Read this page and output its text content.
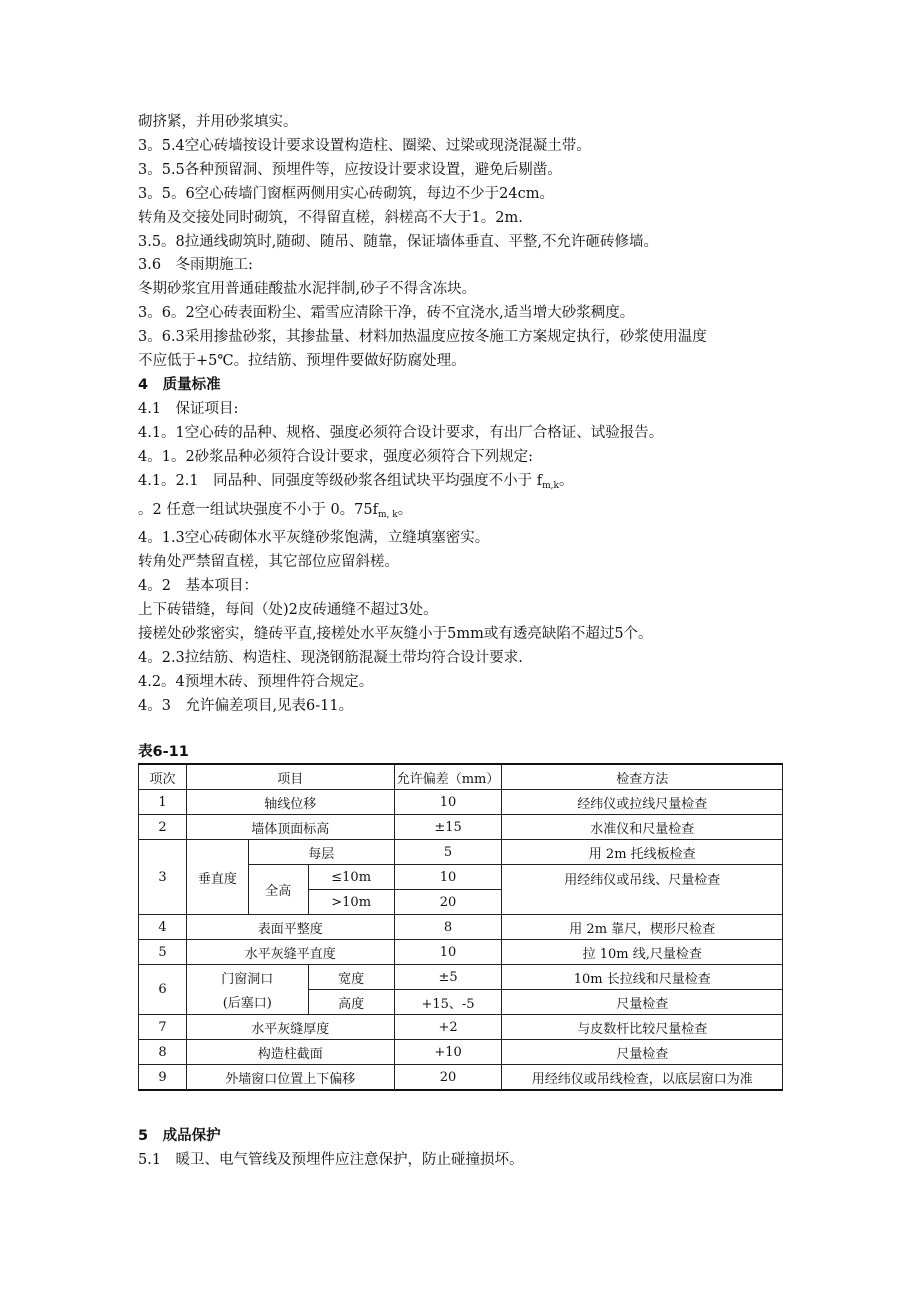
砌挤紧，并用砂浆填实。
3。5.4空心砖墙按设计要求设置构造柱、圈梁、过梁或现浇混凝土带。
3。5.5各种预留洞、预埋件等，应按设计要求设置，避免后剔凿。
3。5。6空心砖墙门窗框两侧用实心砖砌筑，每边不少于24cm。
转角及交接处同时砌筑，不得留直槎，斜槎高不大于1。2m.
3.5。8拉通线砌筑时,随砌、随吊、随靠，保证墙体垂直、平整,不允许砸砖修墙。
3.6　冬雨期施工:
冬期砂浆宜用普通硅酸盐水泥拌制,砂子不得含冻块。
3。6。2空心砖表面粉尘、霜雪应清除干净，砖不宜浇水,适当增大砂浆稠度。
3。6.3采用掺盐砂浆，其掺盐量、材料加热温度应按冬施工方案规定执行，砂浆使用温度
不应低于+5℃。拉结筋、预埋件要做好防腐处理。
4　质量标准
4.1　保证项目:
4.1。1空心砖的品种、规格、强度必须符合设计要求，有出厂合格证、试验报告。
4。1。2砂浆品种必须符合设计要求，强度必须符合下列规定:
4.1。2.1　同品种、同强度等级砂浆各组试块平均强度不小于 $f_{m,k}$。
。2 任意一组试块强度不小于 0。$75f_{m, k}$。
4。1.3空心砖砌体水平灰缝砂浆饱满，立缝填塞密实。
转角处严禁留直槎，其它部位应留斜槎。
4。2　基本项目：
上下砖错缝，每间（处)2皮砖通缝不超过3处。
接槎处砂浆密实，缝砖平直,接槎处水平灰缝小于5mm或有透亮缺陷不超过5个。
4。2.3拉结筋、构造柱、现浇钢筋混凝土带均符合设计要求.
4.2。4预埋木砖、预埋件符合规定。
4。3　允许偏差项目,见表6-11。
表6-11
项次	项目			允许偏差（mm）	检查方法
1	轴线位移			10	经纬仪或拉线尺量检查
2	墙体顶面标高			±15	水准仪和尺量检查
3	垂直度	每层		5	用 2m 托线板检查
		全高	≤10m	10	用经纬仪或吊线、尺量检查
			>10m	20	
4	表面平整度			8	用 2m 靠尺，楔形尺检查
5	水平灰缝平直度			10	拉 10m 线,尺量检查
6	门窗洞口		宽度	±5	10m 长拉线和尺量检查
	(后塞口)		高度	+15、-5	尺量检查
7	水平灰缝厚度			+2	与皮数杆比较尺量检查
8	构造柱截面			+10	尺量检查
9	外墙窗口位置上下偏移			20	用经纬仪或吊线检查，以底层窗口为准
5　成品保护
5.1　暖卫、电气管线及预埋件应注意保护，防止碰撞损坏。
